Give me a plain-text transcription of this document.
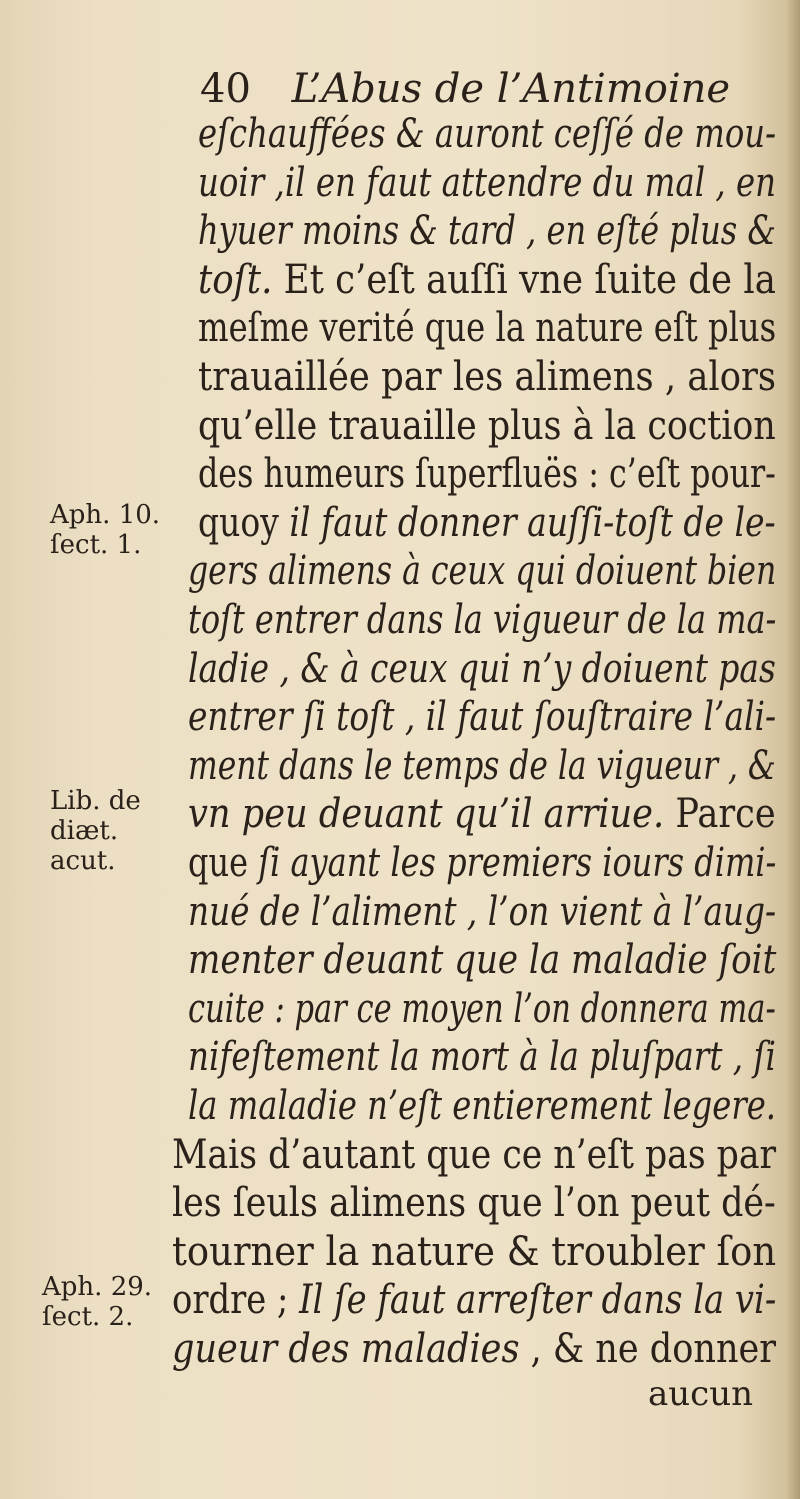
40 L’Abus de l’Antimoine
eſchauffées & auront ceſſé de mou-
uoir ,il en faut attendre du mal , en
hyuer moins & tard , en eſté plus &
toſt. Et c’eſt auſſi vne ſuite de la
meſme verité que la nature eſt plus
trauaillée par les alimens , alors
qu’elle trauaille plus à la coction
des humeurs ſuperfluës : c’eſt pour-
quoy il faut donner auſſi-toſt de le-
gers alimens à ceux qui doiuent bien
toſt entrer dans la vigueur de la ma-
ladie , & à ceux qui n’y doiuent pas
entrer ſi toſt , il faut ſouſtraire l’ali-
ment dans le temps de la vigueur , &
vn peu deuant qu’il arriue. Parce
que ſi ayant les premiers iours dimi-
nué de l’aliment , l’on vient à l’aug-
menter deuant que la maladie ſoit
cuite : par ce moyen l’on donnera ma-
nifeſtement la mort à la pluſpart , ſi
la maladie n’eſt entierement legere.
Mais d’autant que ce n’eſt pas par
les ſeuls alimens que l’on peut dé-
tourner la nature & troubler ſon
ordre ; Il ſe faut arreſter dans la vi-
gueur des maladies , & ne donner
Aph. 10.
ſect. 1.
Lib. de
diæt.
acut.
Aph. 29.
ſect. 2.
aucun
